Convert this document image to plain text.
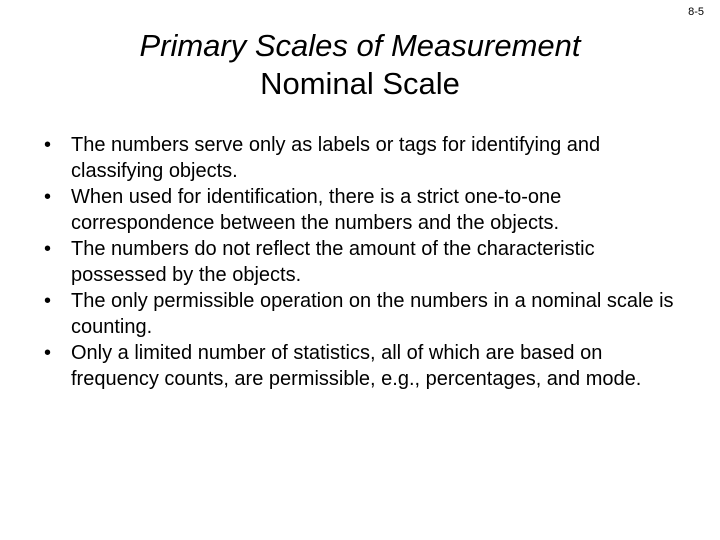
8-5
Primary Scales of Measurement
Nominal Scale
• The numbers serve only as labels or tags for identifying and classifying objects.
• When used for identification, there is a strict one-to-one correspondence between the numbers and the objects.
• The numbers do not reflect the amount of the characteristic possessed by the objects.
• The only permissible operation on the numbers in a nominal scale is counting.
• Only a limited number of statistics, all of which are based on frequency counts, are permissible, e.g., percentages, and mode.
